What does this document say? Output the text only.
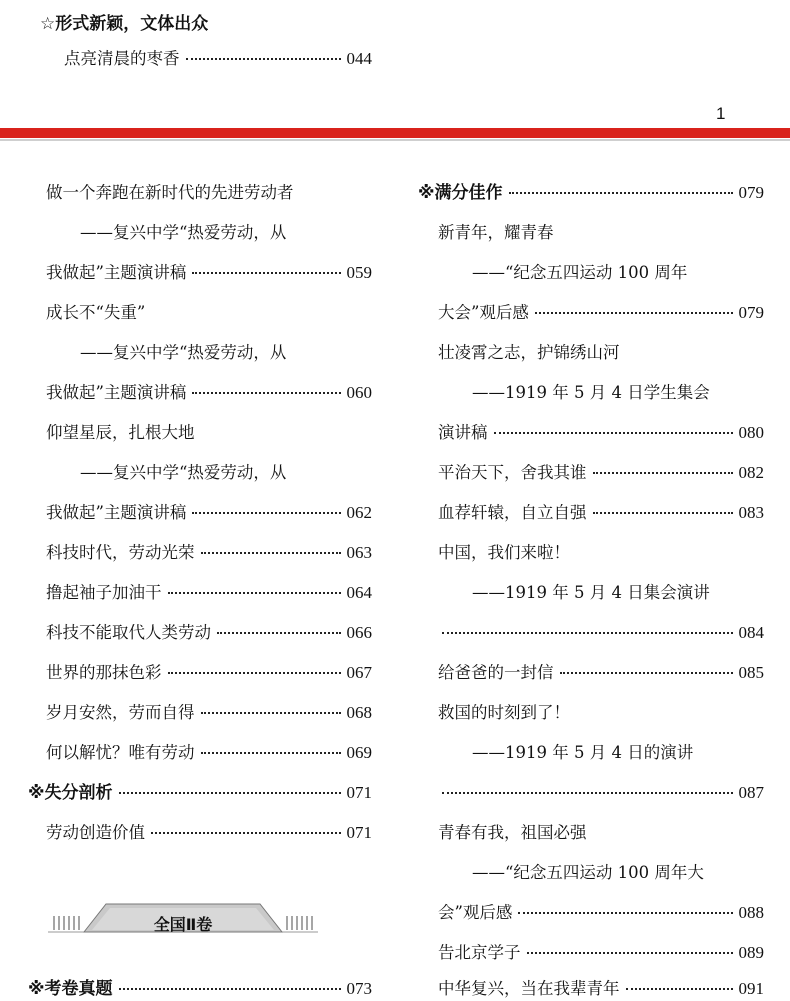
☆形式新颖，文体出众
点亮清晨的枣香	044
1
做一个奔跑在新时代的先进劳动者
——复兴中学“热爱劳动，从
我做起”主题演讲稿	059
成长不“失重”
——复兴中学“热爱劳动，从
我做起”主题演讲稿	060
仰望星辰，扎根大地
——复兴中学“热爱劳动，从
我做起”主题演讲稿	062
科技时代，劳动光荣	063
撸起袖子加油干	064
科技不能取代人类劳动	066
世界的那抹色彩	067
岁月安然，劳而自得	068
何以解忧？唯有劳动	069
※失分剖析	071
劳动创造价值	071
全国Ⅱ卷
※考卷真题	073
※满分佳作	079
新青年，耀青春
——“纪念五四运动 100 周年
大会”观后感	079
壮凌霄之志，护锦绣山河
——1919 年 5 月 4 日学生集会
演讲稿	080
平治天下，舍我其谁	082
血荐轩辕，自立自强	083
中国，我们来啦！
——1919 年 5 月 4 日集会演讲
084
给爸爸的一封信	085
救国的时刻到了！
——1919 年 5 月 4 日的演讲
087
青春有我，祖国必强
——“纪念五四运动 100 周年大
会”观后感	088
告北京学子	089
中华复兴，当在我辈青年	091
